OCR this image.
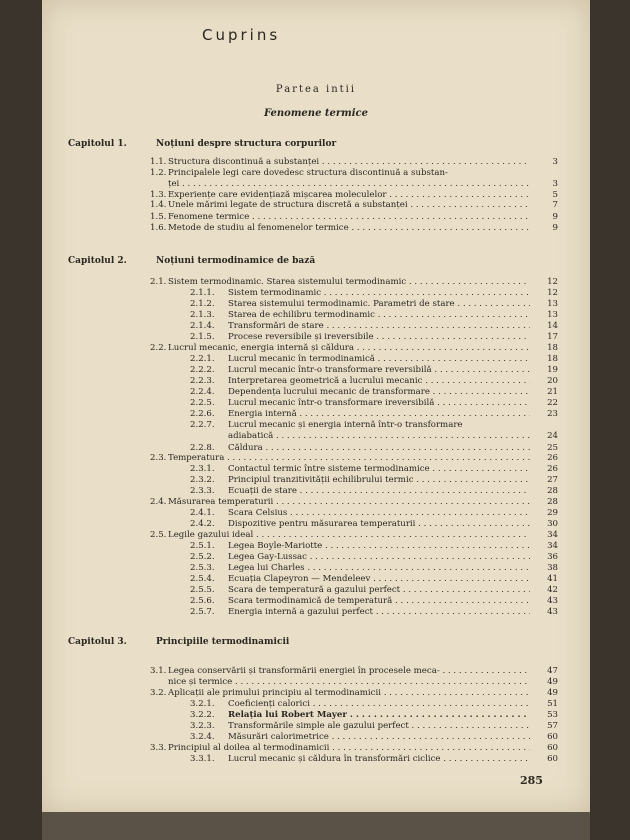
Cuprins
Partea intii
Fenomene termice
Capitolul 1.	Noțiuni despre structura corpurilor
Capitolul 2.	Noțiuni termodinamice de bază
Capitolul 3.	Principiile termodinamicii
1.1. Structura discontinuă a substanței . . .	3
1.2. Principalele legi care dovedesc structura discontinuă a substan-
ței . . .	3
1.3. Experiențe care evidențiază mișcarea moleculelor . . .	5
1.4. Unele mărimi legate de structura discretă a substanței . . .	7
1.5. Fenomene termice . . .	9
1.6. Metode de studiu al fenomenelor termice . . .	9
2.1. Sistem termodinamic. Starea sistemului termodinamic . . .	12
2.1.1. Sistem termodinamic . . .	12
2.1.2. Starea sistemului termodinamic. Parametri de stare . . .	13
2.1.3. Starea de echilibru termodinamic . . .	13
2.1.4. Transformări de stare . . .	14
2.1.5. Procese reversibile și ireversibile . . .	17
2.2. Lucrul mecanic, energia internă și căldura . . .	18
2.2.1. Lucrul mecanic în termodinamică . . .	18
2.2.2. Lucrul mecanic într-o transformare reversibilă . . .	19
2.2.3. Interpretarea geometrică a lucrului mecanic . . .	20
2.2.4. Dependența lucrului mecanic de transformare . . .	21
2.2.5. Lucrul mecanic într-o transformare ireversibilă . . .	22
2.2.6. Energia internă . . .	23
2.2.7. Lucrul mecanic și energia internă într-o transformare
adiabatică . . .	24
2.2.8. Căldura . . .	25
2.3. Temperatura . . .	26
2.3.1. Contactul termic între sisteme termodinamice . . .	26
2.3.2. Principiul tranzitivității echilibrului termic . . .	27
2.3.3. Ecuații de stare . . .	28
2.4. Măsurarea temperaturii . . .	28
2.4.1. Scara Celsius . . .	29
2.4.2. Dispozitive pentru măsurarea temperaturii . . .	30
2.5. Legile gazului ideal . . .	34
2.5.1. Legea Boyle-Mariotte . . .	34
2.5.2. Legea Gay-Lussac . . .	36
2.5.3. Legea lui Charles . . .	38
2.5.4. Ecuația Clapeyron — Mendeleev . . .	41
2.5.5. Scara de temperatură a gazului perfect . . .	42
2.5.6. Scara termodinamică de temperatură . . .	43
2.5.7. Energia internă a gazului perfect . . .	43
3.1. Legea conservării și transformării energiei în procesele meca- . . .	47
nice și termice . . .	49
3.2. Aplicații ale primului principiu al termodinamicii . . .	49
3.2.1. Coeficienți calorici . . .	51
3.2.2. Relația lui Robert Mayer . . .	53
3.2.3. Transformările simple ale gazului perfect . . .	57
3.2.4. Măsurări calorimetrice . . .	60
3.3. Principiul al doilea al termodinamicii . . .	60
3.3.1. Lucrul mecanic și căldura în transformări ciclice . . .	60
285
